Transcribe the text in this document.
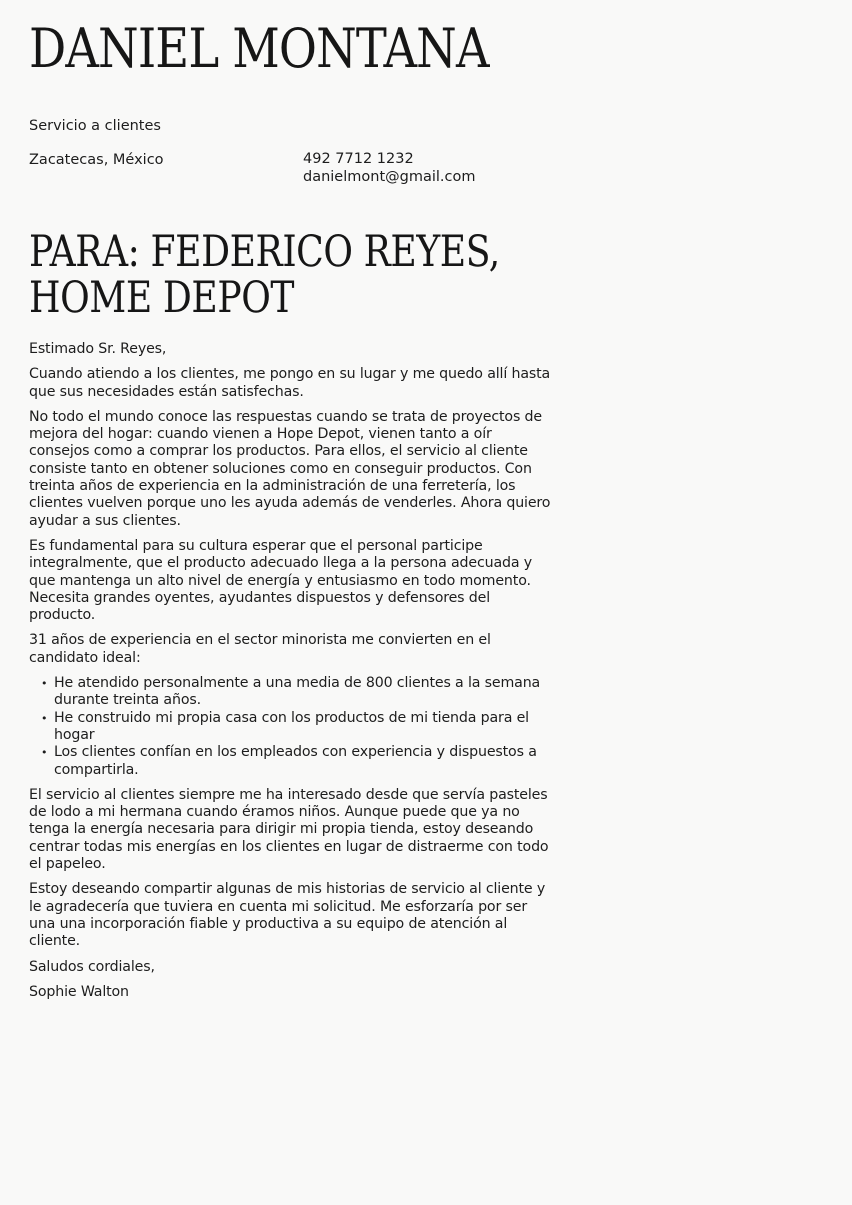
DANIEL MONTANA
Servicio a clientes
Zacatecas, México	492 7712 1232
danielmont@gmail.com
PARA: FEDERICO REYES,
HOME DEPOT

Estimado Sr. Reyes,

Cuando atiendo a los clientes, me pongo en su lugar y me quedo allí hasta que sus necesidades están satisfechas.

No todo el mundo conoce las respuestas cuando se trata de proyectos de mejora del hogar: cuando vienen a Hope Depot, vienen tanto a oír consejos como a comprar los productos. Para ellos, el servicio al cliente consiste tanto en obtener soluciones como en conseguir productos. Con treinta años de experiencia en la administración de una ferretería, los clientes vuelven porque uno les ayuda además de venderles. Ahora quiero ayudar a sus clientes.

Es fundamental para su cultura esperar que el personal participe integralmente, que el producto adecuado llega a la persona adecuada y que mantenga un alto nivel de energía y entusiasmo en todo momento. Necesita grandes oyentes, ayudantes dispuestos y defensores del producto.

31 años de experiencia en el sector minorista me convierten en el candidato ideal:

• He atendido personalmente a una media de 800 clientes a la semana durante treinta años.
• He construido mi propia casa con los productos de mi tienda para el hogar
• Los clientes confían en los empleados con experiencia y dispuestos a compartirla.

El servicio al clientes siempre me ha interesado desde que servía pasteles de lodo a mi hermana cuando éramos niños. Aunque puede que ya no tenga la energía necesaria para dirigir mi propia tienda, estoy deseando centrar todas mis energías en los clientes en lugar de distraerme con todo el papeleo.

Estoy deseando compartir algunas de mis historias de servicio al cliente y le agradecería que tuviera en cuenta mi solicitud. Me esforzaría por ser una una incorporación fiable y productiva a su equipo de atención al cliente.

Saludos cordiales,

Sophie Walton
